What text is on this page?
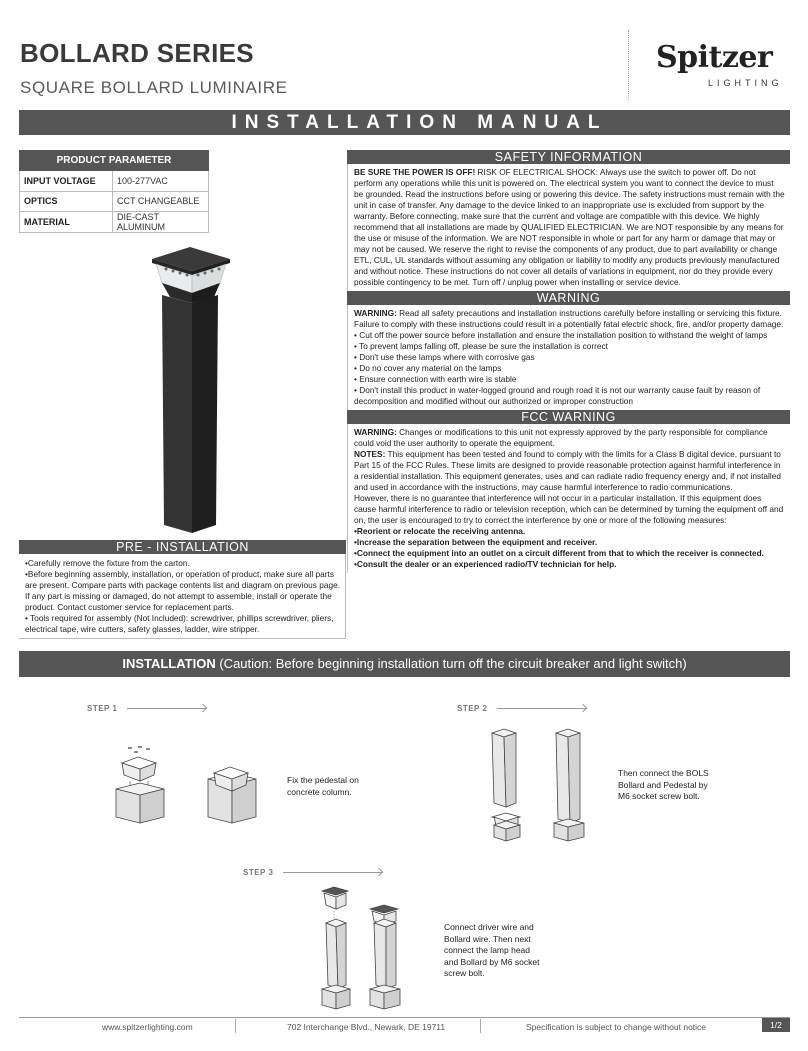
BOLLARD SERIES
SQUARE BOLLARD LUMINAIRE
Spitzer
LIGHTING
INSTALLATION MANUAL
PRODUCT PARAMETER	
INPUT VOLTAGE	100-277VAC
OPTICS	CCT CHANGEABLE
MATERIAL	DIE-CAST ALUMINUM
SAFETY INFORMATION
BE SURE THE POWER IS OFF! RISK OF ELECTRICAL SHOCK: Always use the switch to power off. Do not perform any operations while this unit is powered on. The electrical system you want to connect the device to must be grounded. Read the instructions before using or powering this device. The safety instructions must remain with the unit in case of transfer. Any damage to the device linked to an inappropriate use is excluded from support by the warranty. Before connecting, make sure that the current and voltage are compatible with this device. We highly recommend that all installations are made by QUALIFIED ELECTRICIAN. We are NOT responsible by any means for the use or misuse of the information. We are NOT responsible in whole or part for any harm or damage that may or may not be caused. We reserve the right to revise the components of any product, due to part availability or change ETL, CUL, UL standards without assuming any obligation or liability to modify any products previously manufactured and without notice. These instructions do not cover all details of variations in equipment, nor do they provide every possible contingency to be met. Turn off / unplug power when installing or service device.
WARNING
WARNING: Read all safety precautions and installation instructions carefully before installing or servicing this fixture. Failure to comply with these instructions could result in a potentially fatal electric shock, fire, and/or property damage.
• Cut off the power source before installation and ensure the installation position to withstand the weight of lamps
• To prevent lamps falling off, please be sure the installation is correct
• Don't use these lamps where with corrosive gas
• Do no cover any material on the lamps
• Ensure connection with earth wire is stable
• Don't install this product in water-logged ground and rough road it is not our warranty cause fault by reason of decomposition and modified without our authorized or improper construction
FCC WARNING
WARNING: Changes or modifications to this unit not expressly approved by the party responsible for compliance could void the user authority to operate the equipment.
NOTES: This equipment has been tested and found to comply with the limits for a Class B digital device, pursuant to Part 15 of the FCC Rules. These limits are designed to provide reasonable protection against harmful interference in a residential installation. This equipment generates, uses and can radiate radio frequency energy and, if not installed and used in accordance with the instructions, may cause harmful interference to radio communications.
However, there is no guarantee that interference will not occur in a particular installation. If this equipment does cause harmful interference to radio or television reception, which can be determined by turning the equipment off and on, the user is encouraged to try to correct the interference by one or more of the following measures:
•Reorient or relocate the receiving antenna.
•Increase the separation between the equipment and receiver.
•Connect the equipment into an outlet on a circuit different from that to which the receiver is connected.
•Consult the dealer or an experienced radio/TV technician for help.
PRE - INSTALLATION
•Carefully remove the fixture from the carton.
•Before beginning assembly, installation, or operation of product, make sure all parts are present. Compare parts with package contents list and diagram on previous page. If any part is missing or damaged, do not attempt to assemble, install or operate the product. Contact customer service for replacement parts.
• Tools required for assembly (Not Included): screwdriver, phillips screwdriver, pliers, electrical tape, wire cutters, safety glasses, ladder, wire stripper.
INSTALLATION (Caution: Before beginning installation turn off the circuit breaker and light switch)
STEP 1
Fix the pedestal on concrete column.
STEP 2
Then connect the BOLS Bollard and Pedestal by M6 socket screw bolt.
STEP 3
Connect driver wire and Bollard wire. Then next connect the lamp head and Bollard by M6 socket screw bolt.
www.spitzerlighting.com	702 Interchange Blvd., Newark, DE 19711	Specification is subject to change without notice	1/2
